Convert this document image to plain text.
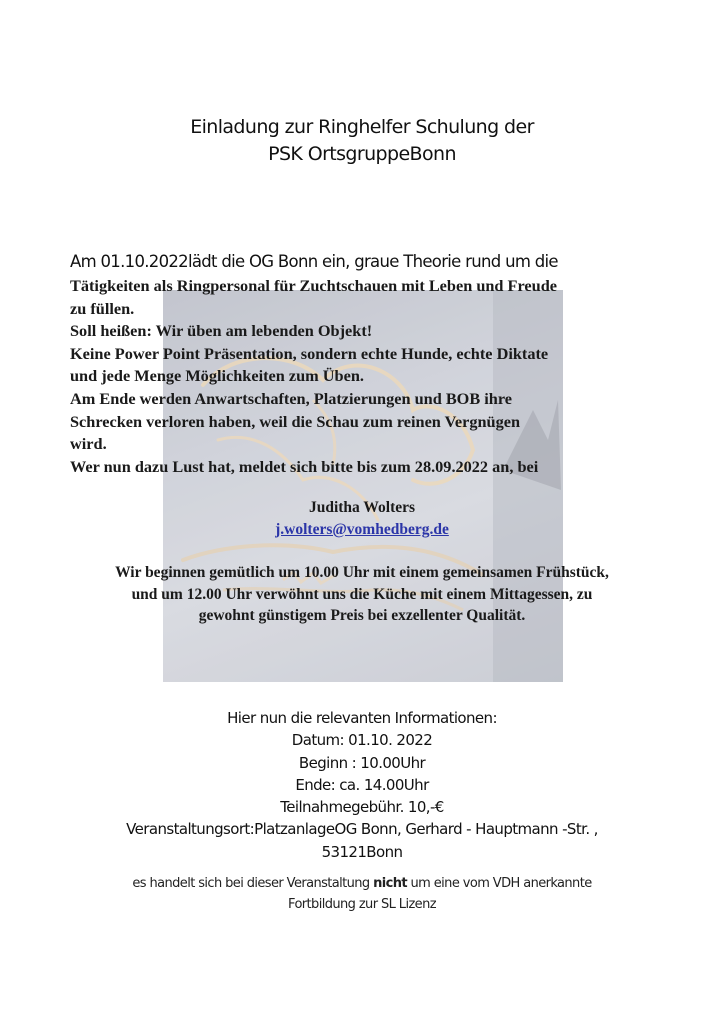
Einladung zur Ringhelfer Schulung der
PSK OrtsgruppeBonn
Am 01.10.2022lädt die OG Bonn ein, graue Theorie rund um die
Tätigkeiten als Ringpersonal für Zuchtschauen mit Leben und Freude
zu füllen.
Soll heißen: Wir üben am lebenden Objekt!
Keine Power Point Präsentation, sondern echte Hunde, echte Diktate
und jede Menge Möglichkeiten zum Üben.
Am Ende werden Anwartschaften, Platzierungen und BOB ihre
Schrecken verloren haben, weil die Schau zum reinen Vergnügen
wird.
Wer nun dazu Lust hat, meldet sich bitte bis zum 28.09.2022 an, bei
Juditha Wolters
j.wolters@vomhedberg.de
Wir beginnen gemütlich um 10.00 Uhr mit einem gemeinsamen Frühstück,
und um 12.00 Uhr verwöhnt uns die Küche mit einem Mittagessen, zu
gewohnt günstigem Preis bei exzellenter Qualität.
Hier nun die relevanten Informationen:
Datum: 01.10. 2022
Beginn : 10.00Uhr
Ende: ca. 14.00Uhr
Teilnahmegebühr. 10,-€
Veranstaltungsort:PlatzanlageOG Bonn, Gerhard - Hauptmann -Str. ,
53121Bonn
es handelt sich bei dieser Veranstaltung nicht um eine vom VDH anerkannte
Fortbildung zur SL Lizenz
